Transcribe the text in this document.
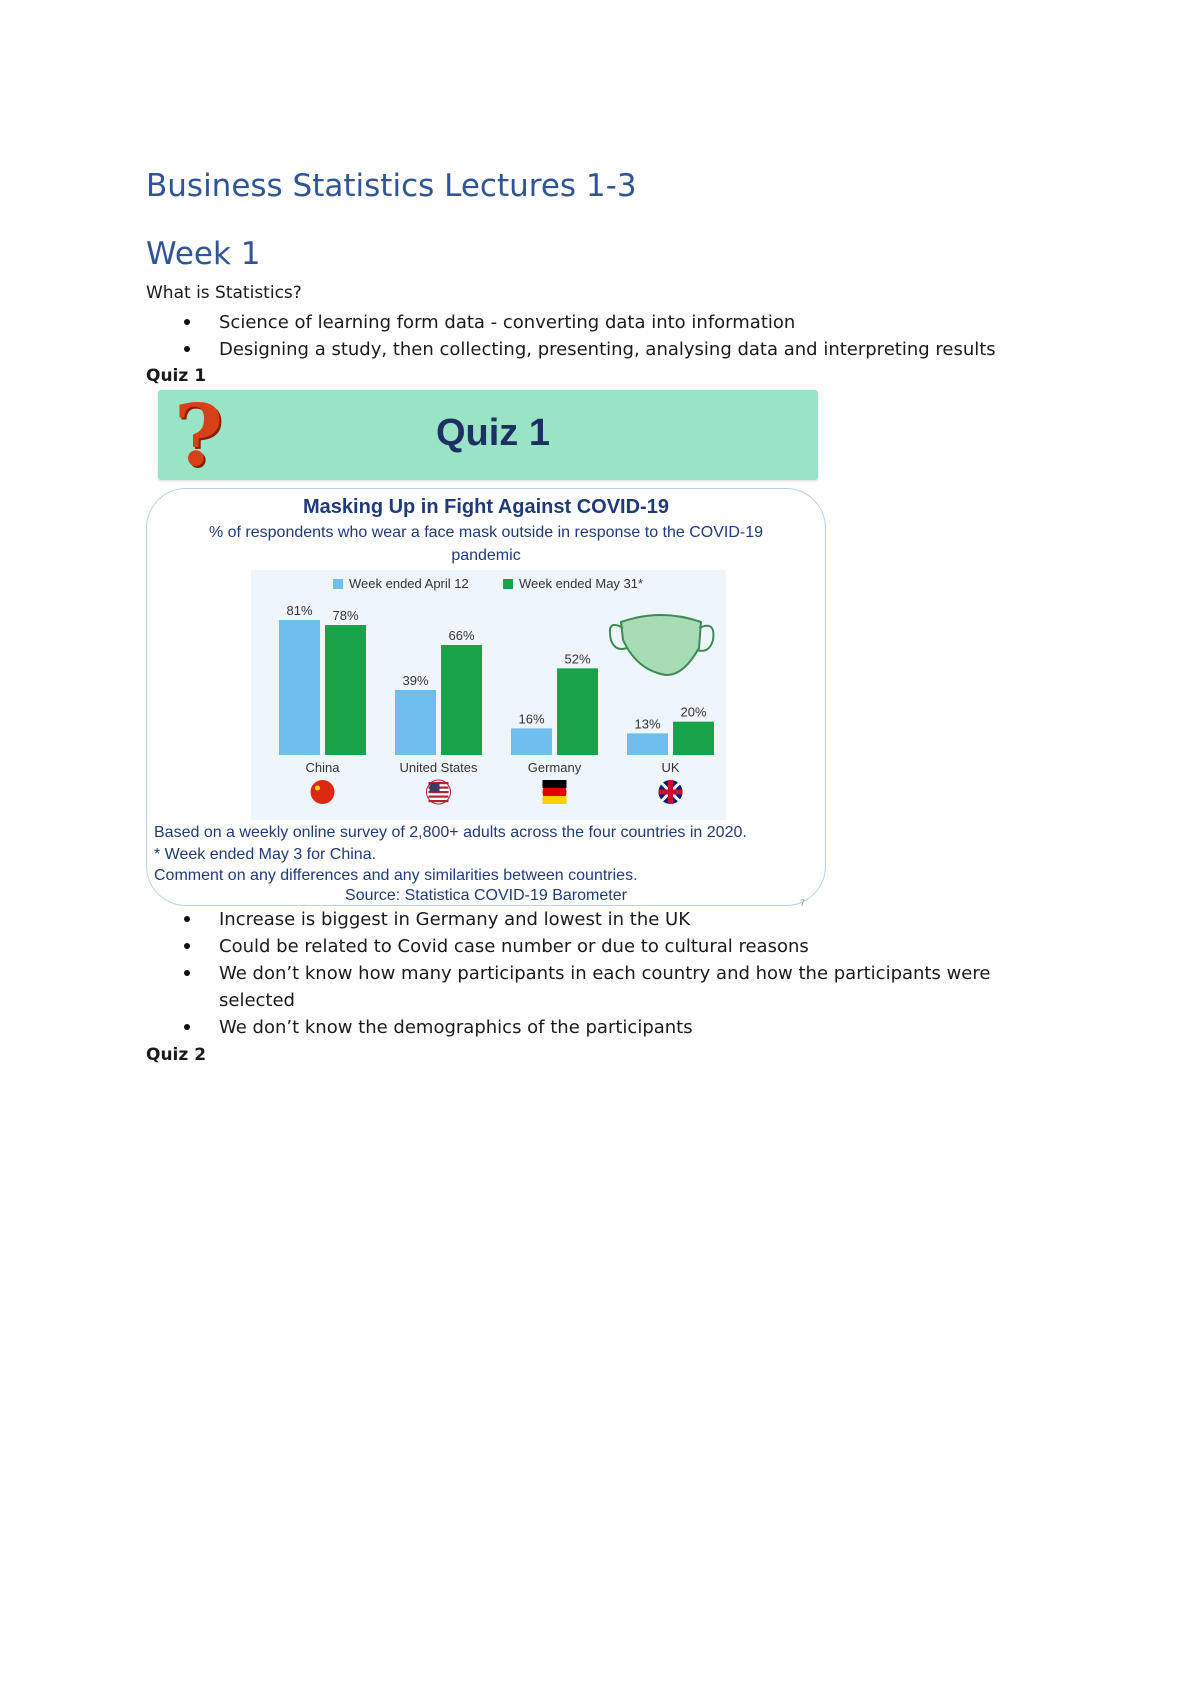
Business Statistics Lectures 1-3
Week 1
What is Statistics?
Science of learning form data - converting data into information
Designing a study, then collecting, presenting, analysing data and interpreting results
Quiz 1
?	Quiz 1
Masking Up in Fight Against COVID-19
% of respondents who wear a face mask outside in response to the COVID-19 pandemic
Week ended April 12	Week ended May 31*
81% 78%
China
39%
66%
United States
16%
52%
Germany
13%
20%
UK
Based on a weekly online survey of 2,800+ adults across the four countries in 2020.
* Week ended May 3 for China.
Comment on any differences and any similarities between countries.
Source: Statistica COVID-19 Barometer	7
Increase is biggest in Germany and lowest in the UK
Could be related to Covid case number or due to cultural reasons
We don’t know how many participants in each country and how the participants were selected
We don’t know the demographics of the participants
Quiz 2
